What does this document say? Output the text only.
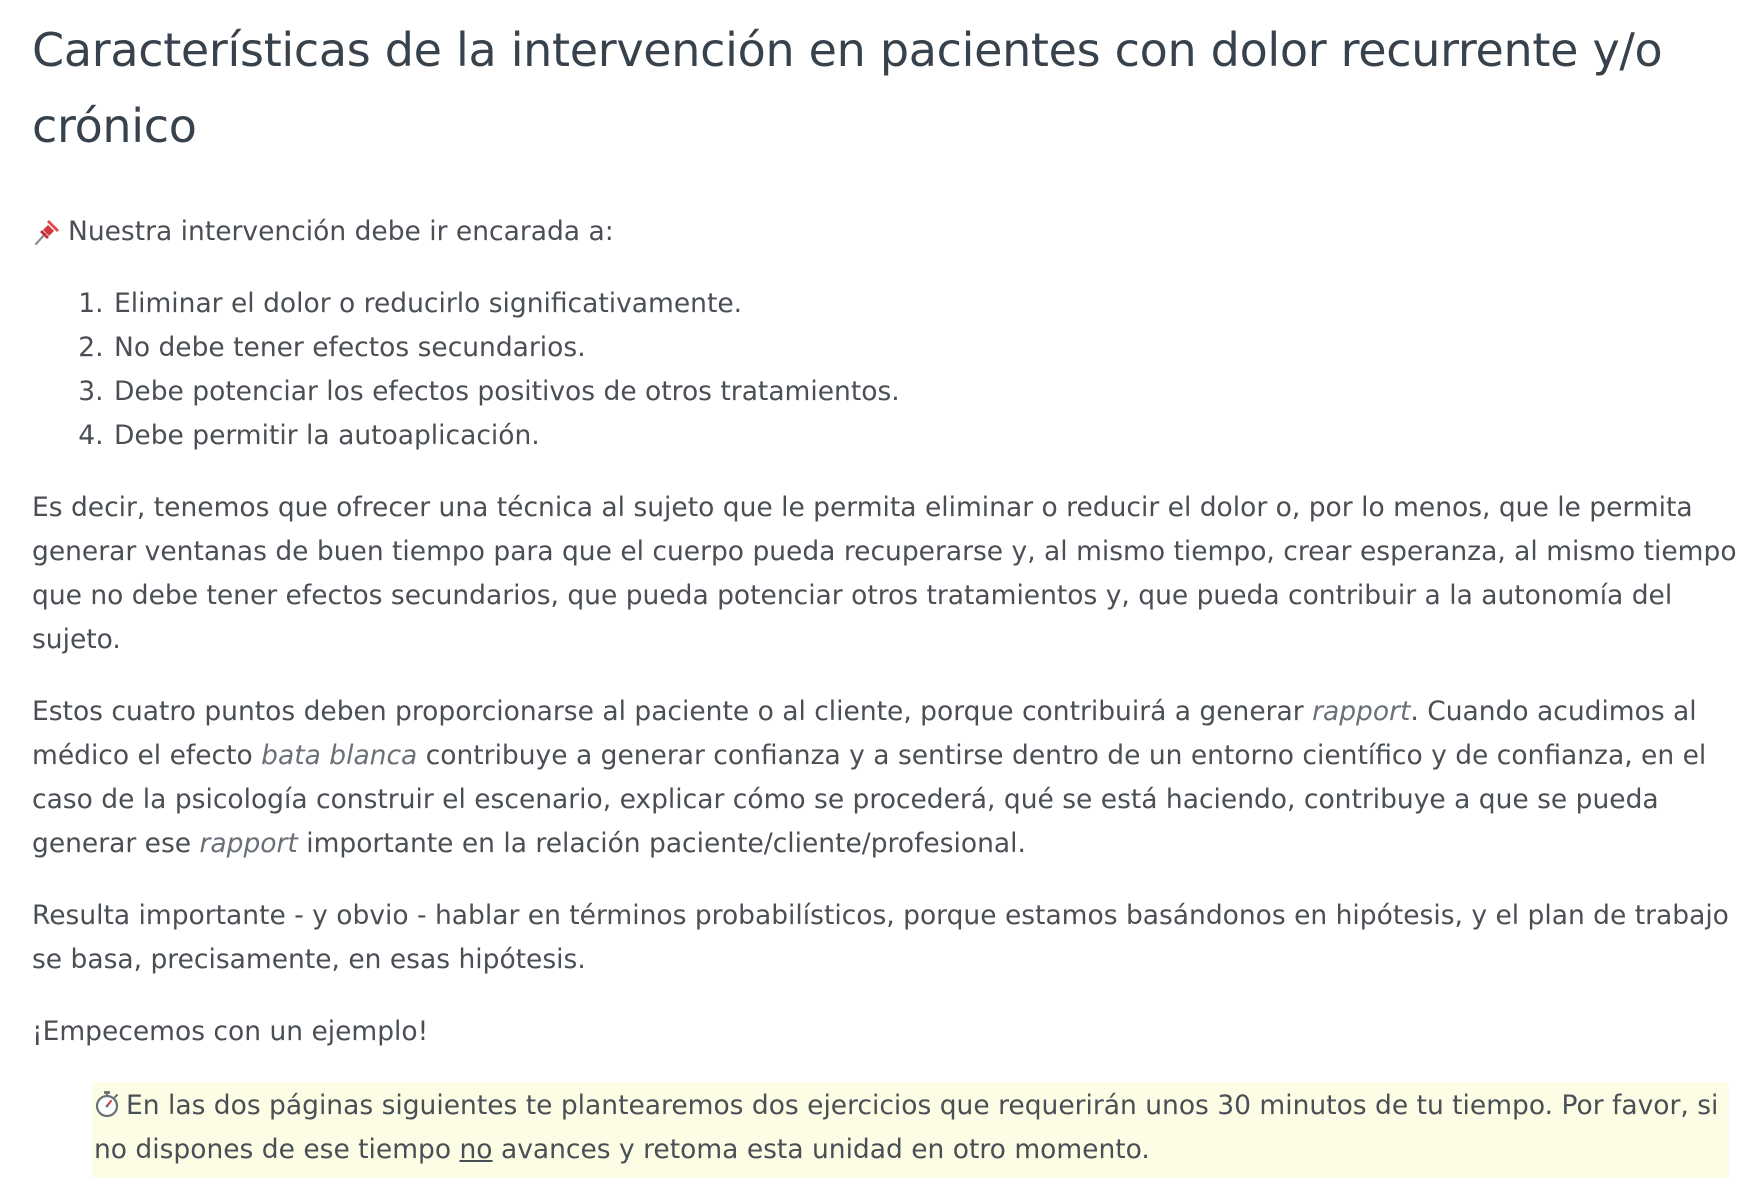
Características de la intervención en pacientes con dolor recurrente y/o crónico

Nuestra intervención debe ir encarada a:

1. Eliminar el dolor o reducirlo significativamente.
2. No debe tener efectos secundarios.
3. Debe potenciar los efectos positivos de otros tratamientos.
4. Debe permitir la autoaplicación.

Es decir, tenemos que ofrecer una técnica al sujeto que le permita eliminar o reducir el dolor o, por lo menos, que le permita generar ventanas de buen tiempo para que el cuerpo pueda recuperarse y, al mismo tiempo, crear esperanza, al mismo tiempo que no debe tener efectos secundarios, que pueda potenciar otros tratamientos y, que pueda contribuir a la autonomía del sujeto.

Estos cuatro puntos deben proporcionarse al paciente o al cliente, porque contribuirá a generar rapport. Cuando acudimos al médico el efecto bata blanca contribuye a generar confianza y a sentirse dentro de un entorno científico y de confianza, en el caso de la psicología construir el escenario, explicar cómo se procederá, qué se está haciendo, contribuye a que se pueda generar ese rapport importante en la relación paciente/cliente/profesional.

Resulta importante - y obvio - hablar en términos probabilísticos, porque estamos basándonos en hipótesis, y el plan de trabajo se basa, precisamente, en esas hipótesis.

¡Empecemos con un ejemplo!

En las dos páginas siguientes te plantearemos dos ejercicios que requerirán unos 30 minutos de tu tiempo. Por favor, si no dispones de ese tiempo no avances y retoma esta unidad en otro momento.
